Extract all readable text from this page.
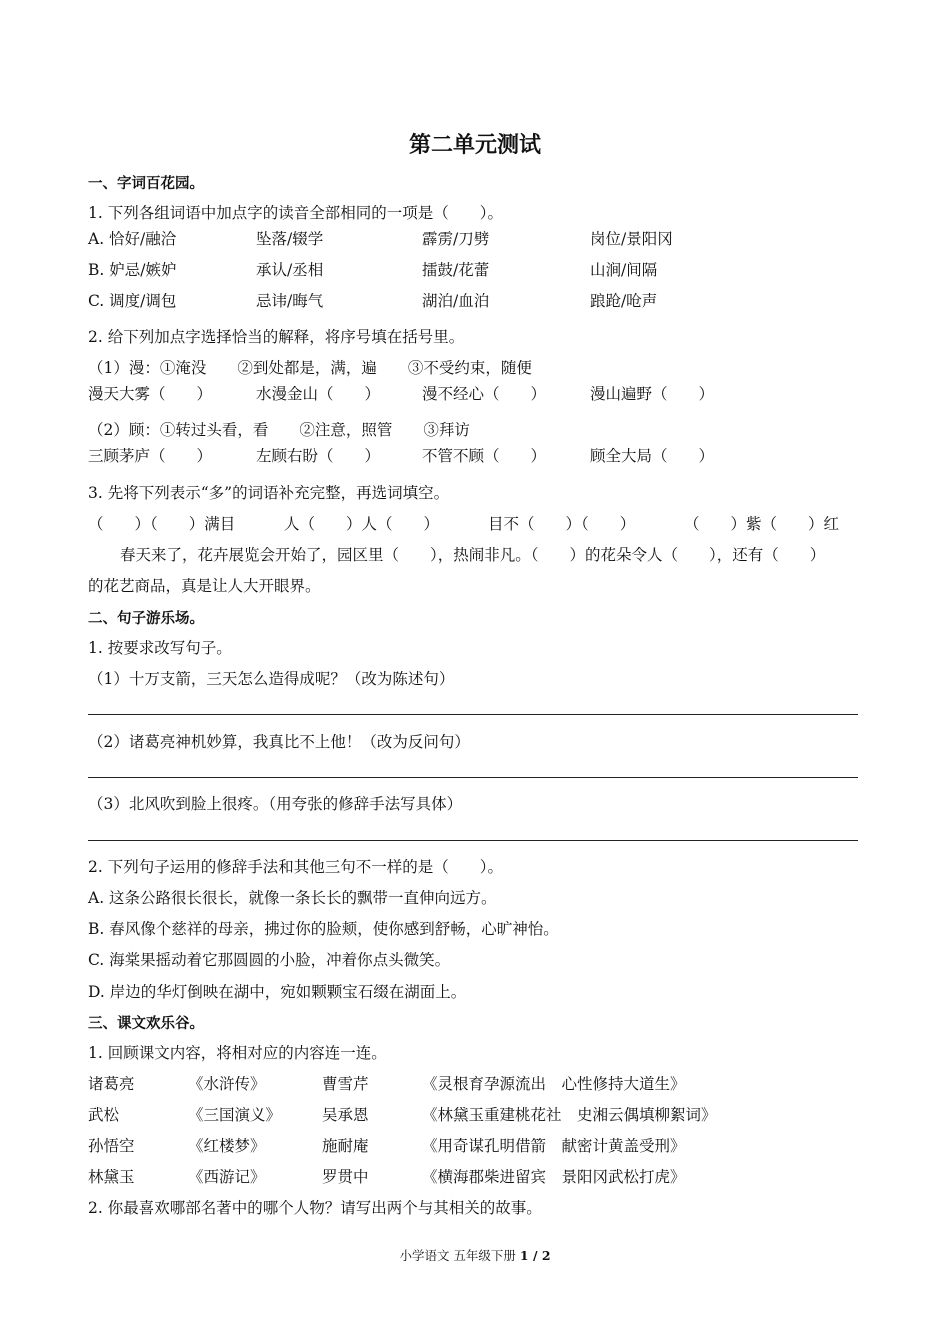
第二单元测试
一、字词百花园。
1. 下列各组词语中加点字的读音全部相同的一项是（　　）。
A. 恰好/融洽	坠落/辍学	霹雳/刀劈	岗位/景阳冈
B. 妒忌/嫉妒	承认/丞相	擂鼓/花蕾	山涧/间隔
C. 调度/调包	忌讳/晦气	湖泊/血泊	踉跄/呛声
2. 给下列加点字选择恰当的解释，将序号填在括号里。
（1）漫：①淹没　　②到处都是，满，遍　　③不受约束，随便
漫天大雾（　　）	水漫金山（　　）	漫不经心（　　）	漫山遍野（　　）
（2）顾：①转过头看，看　　②注意，照管　　③拜访
三顾茅庐（　　）	左顾右盼（　　）	不管不顾（　　）	顾全大局（　　）
3. 先将下列表示“多”的词语补充完整，再选词填空。
（　　）（　　）满目	人（　　）人（　　）	目不（　　）（　　）	（　　）紫（　　）红
春天来了，花卉展览会开始了，园区里（　　），热闹非凡。（　　）的花朵令人（　　），还有（　　）
的花艺商品，真是让人大开眼界。
二、句子游乐场。
1. 按要求改写句子。
（1）十万支箭，三天怎么造得成呢？（改为陈述句）
（2）诸葛亮神机妙算，我真比不上他！（改为反问句）
（3）北风吹到脸上很疼。（用夸张的修辞手法写具体）
2. 下列句子运用的修辞手法和其他三句不一样的是（　　）。
A. 这条公路很长很长，就像一条长长的飘带一直伸向远方。
B. 春风像个慈祥的母亲，拂过你的脸颊，使你感到舒畅，心旷神怡。
C. 海棠果摇动着它那圆圆的小脸，冲着你点头微笑。
D. 岸边的华灯倒映在湖中，宛如颗颗宝石缀在湖面上。
三、课文欢乐谷。
1. 回顾课文内容，将相对应的内容连一连。
诸葛亮	《水浒传》	曹雪芹	《灵根育孕源流出　心性修持大道生》
武松	《三国演义》	吴承恩	《林黛玉重建桃花社　史湘云偶填柳絮词》
孙悟空	《红楼梦》	施耐庵	《用奇谋孔明借箭　献密计黄盖受刑》
林黛玉	《西游记》	罗贯中	《横海郡柴进留宾　景阳冈武松打虎》
2. 你最喜欢哪部名著中的哪个人物？请写出两个与其相关的故事。
小学语文 五年级下册 1 / 2
